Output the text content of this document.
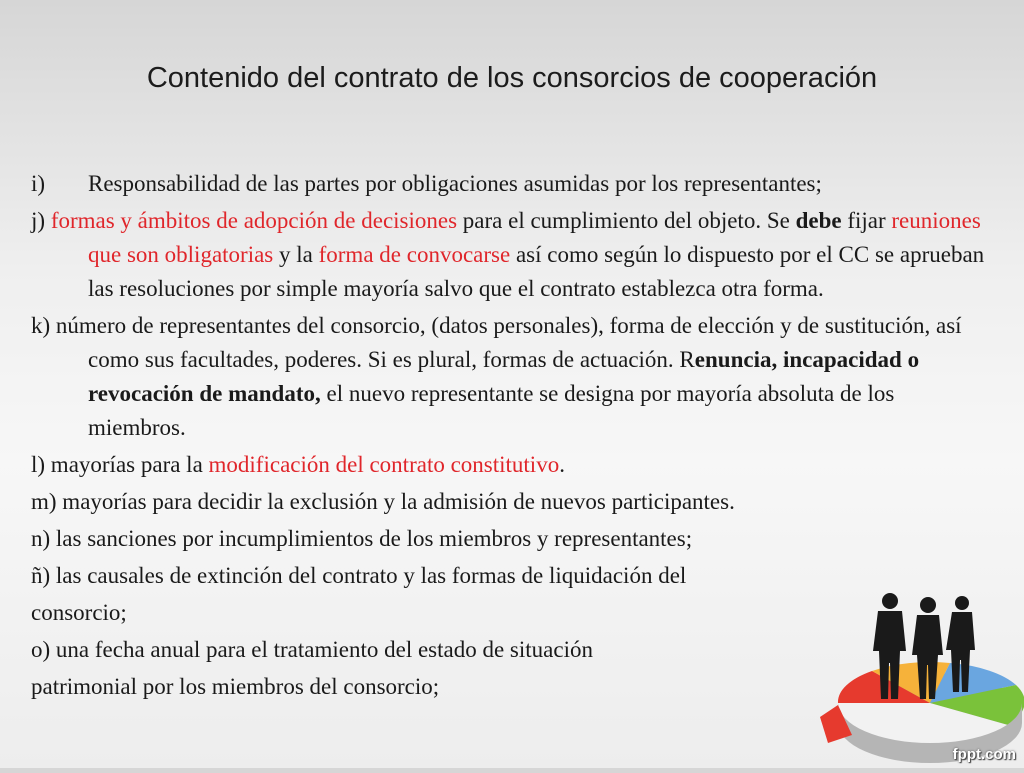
Contenido del contrato de los consorcios de cooperación
i) Responsabilidad de las partes por obligaciones asumidas por los representantes;
j) formas y ámbitos de adopción de decisiones para el cumplimiento del objeto. Se debe fijar reuniones que son obligatorias y la forma de convocarse así como según lo dispuesto por el CC se aprueban las resoluciones por simple mayoría salvo que el contrato establezca otra forma.
k) número de representantes del consorcio, (datos personales), forma de elección y de sustitución, así como sus facultades, poderes. Si es plural, formas de actuación. Renuncia, incapacidad o revocación de mandato, el nuevo representante se designa por mayoría absoluta de los miembros.
l) mayorías para la modificación del contrato constitutivo.
m) mayorías para decidir la exclusión y la admisión de nuevos participantes.
n) las sanciones por incumplimientos de los miembros y representantes;
ñ) las causales de extinción del contrato y las formas de liquidación del
consorcio;
o) una fecha anual para el tratamiento del estado de situación
patrimonial por los miembros del consorcio;
fppt.com
